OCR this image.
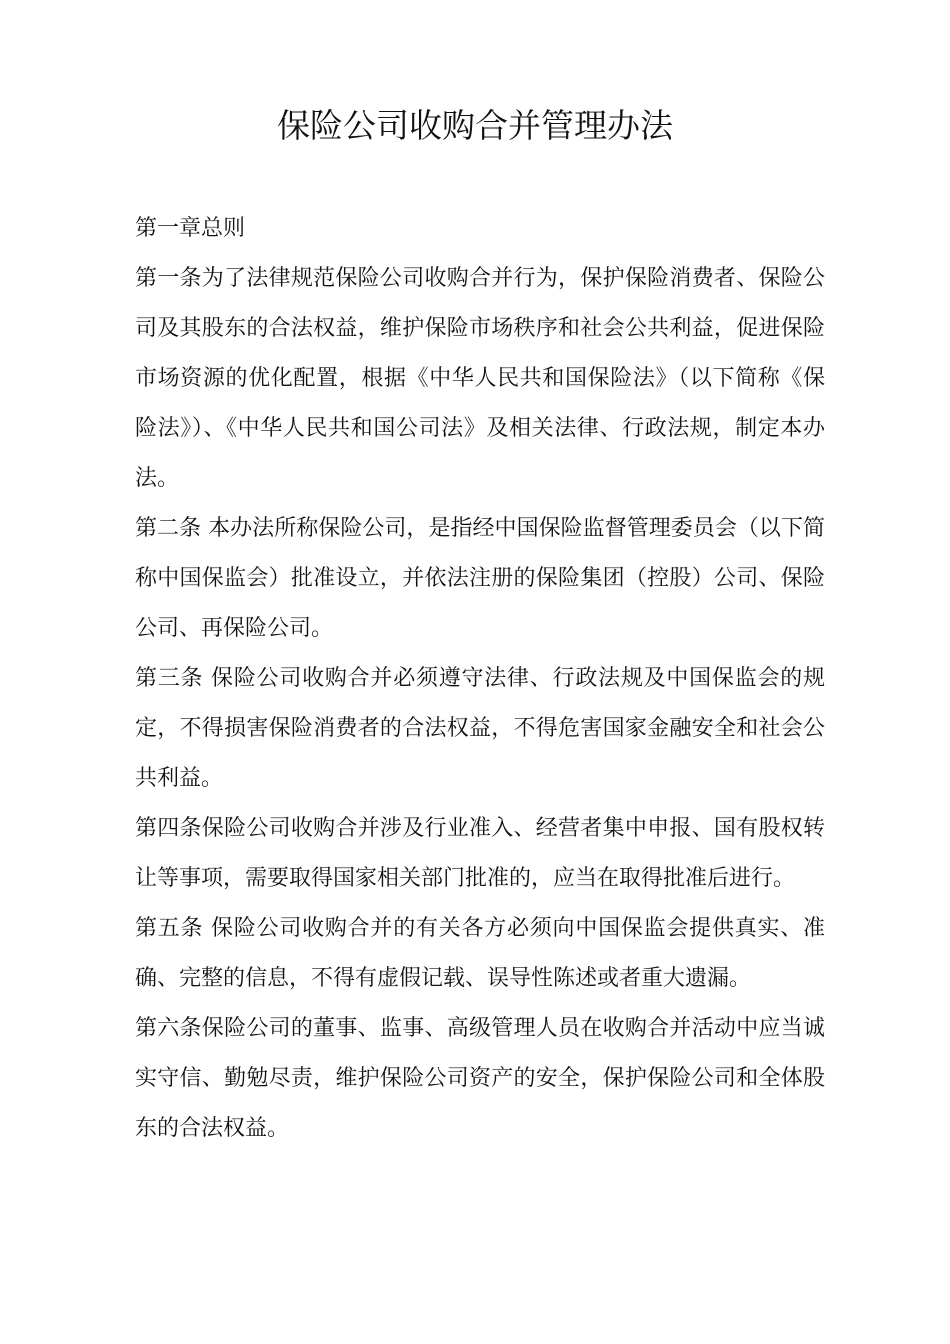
保险公司收购合并管理办法

第一章总则

第一条为了法律规范保险公司收购合并行为，保护保险消费者、保险公司及其股东的合法权益，维护保险市场秩序和社会公共利益，促进保险市场资源的优化配置，根据《中华人民共和国保险法》（以下简称《保险法》）、《中华人民共和国公司法》及相关法律、行政法规，制定本办法。

第二条 本办法所称保险公司，是指经中国保险监督管理委员会（以下简称中国保监会）批准设立，并依法注册的保险集团（控股）公司、保险公司、再保险公司。

第三条 保险公司收购合并必须遵守法律、行政法规及中国保监会的规定，不得损害保险消费者的合法权益，不得危害国家金融安全和社会公共利益。

第四条保险公司收购合并涉及行业准入、经营者集中申报、国有股权转让等事项，需要取得国家相关部门批准的，应当在取得批准后进行。

第五条 保险公司收购合并的有关各方必须向中国保监会提供真实、准确、完整的信息，不得有虚假记载、误导性陈述或者重大遗漏。

第六条保险公司的董事、监事、高级管理人员在收购合并活动中应当诚实守信、勤勉尽责，维护保险公司资产的安全，保护保险公司和全体股东的合法权益。
